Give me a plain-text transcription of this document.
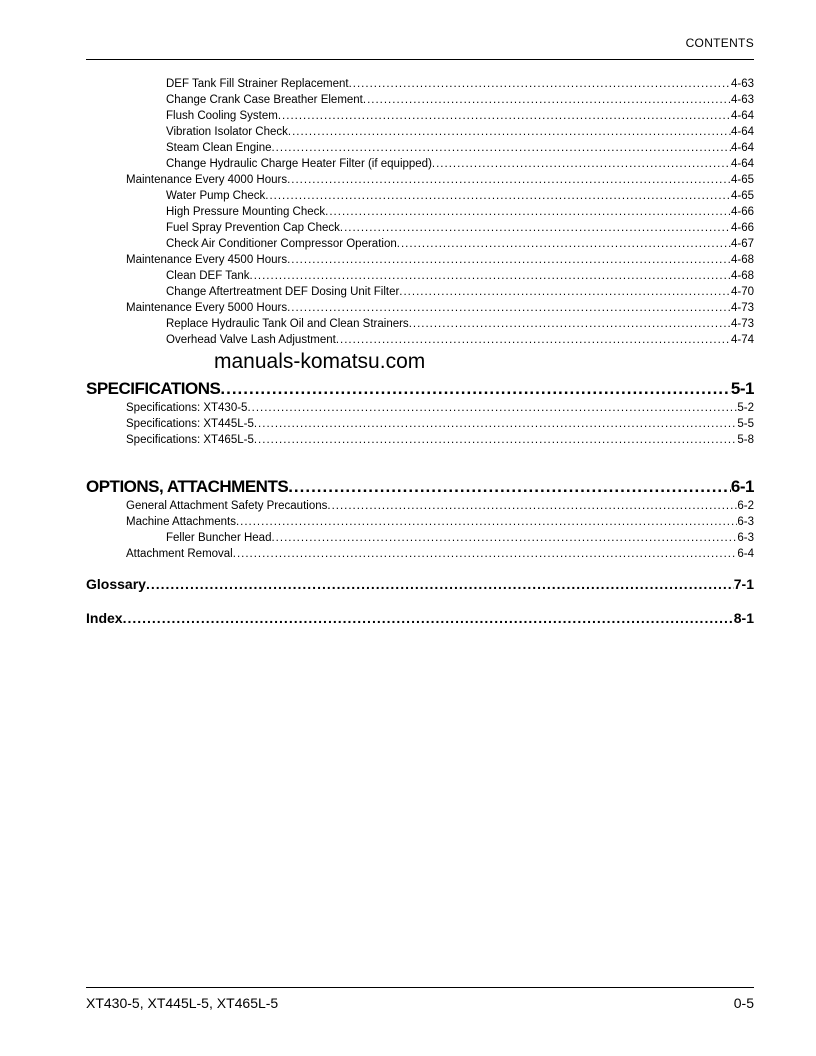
CONTENTS
DEF Tank Fill Strainer Replacement .....	4-63
Change Crank Case Breather Element .....	4-63
Flush Cooling System .....	4-64
Vibration Isolator Check .....	4-64
Steam Clean Engine .....	4-64
Change Hydraulic Charge Heater Filter (if equipped) .....	4-64
Maintenance Every 4000 Hours .....	4-65
Water Pump Check .....	4-65
High Pressure Mounting Check .....	4-66
Fuel Spray Prevention Cap Check .....	4-66
Check Air Conditioner Compressor Operation .....	4-67
Maintenance Every 4500 Hours .....	4-68
Clean DEF Tank .....	4-68
Change Aftertreatment DEF Dosing Unit Filter .....	4-70
Maintenance Every 5000 Hours .....	4-73
Replace Hydraulic Tank Oil and Clean Strainers .....	4-73
Overhead Valve Lash Adjustment .....	4-74
manuals-komatsu.com
SPECIFICATIONS .....	5-1
Specifications: XT430-5 .....	5-2
Specifications: XT445L-5 .....	5-5
Specifications: XT465L-5 .....	5-8
OPTIONS, ATTACHMENTS .....	6-1
General Attachment Safety Precautions .....	6-2
Machine Attachments .....	6-3
Feller Buncher Head .....	6-3
Attachment Removal .....	6-4
Glossary .....	7-1
Index .....	8-1
XT430-5, XT445L-5, XT465L-5	0-5
